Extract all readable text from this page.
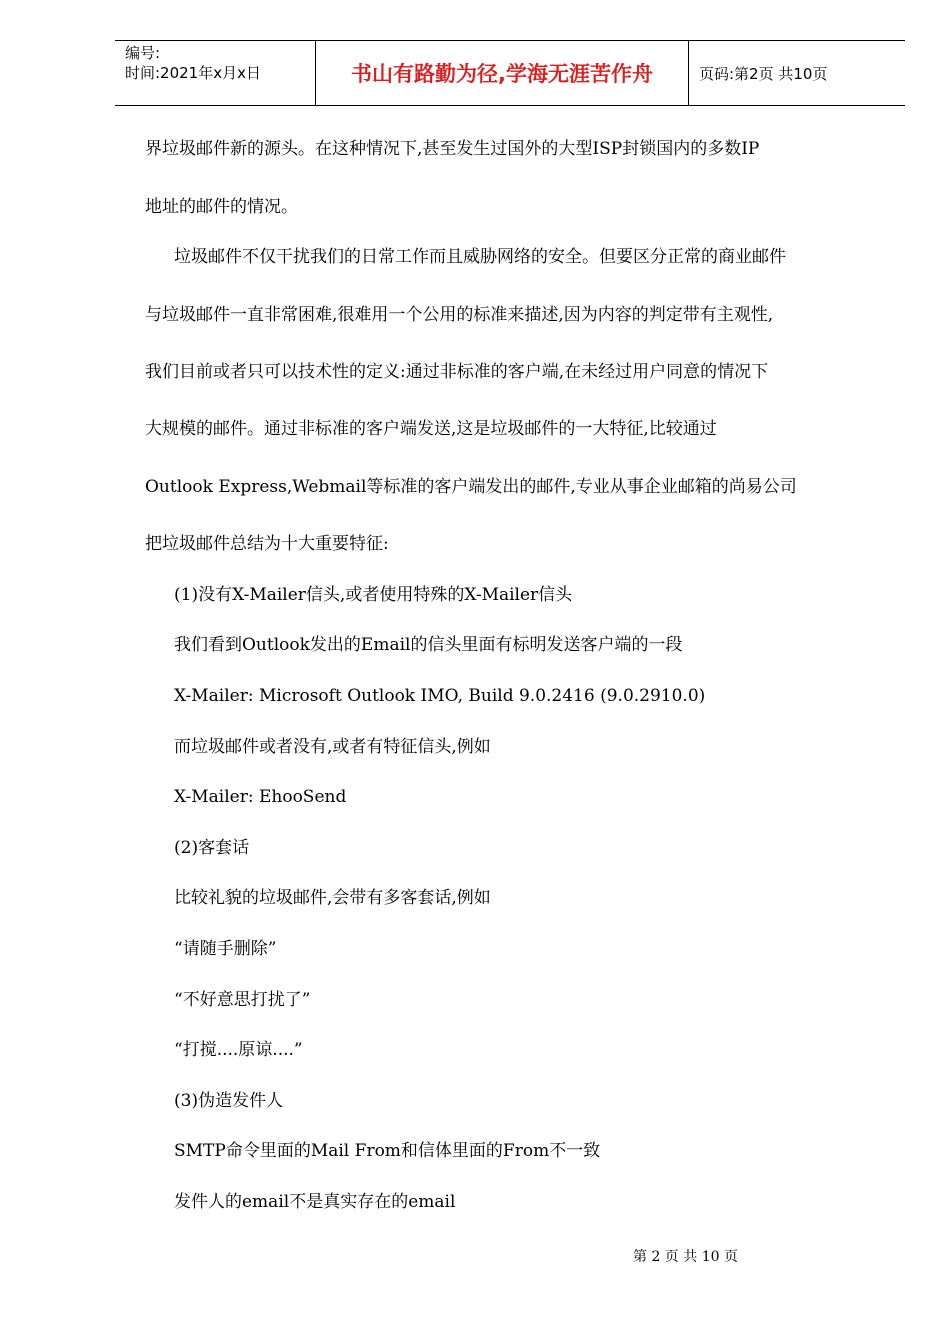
编号:
时间:2021年x月x日	书山有路勤为径,学海无涯苦作舟	页码:第2页 共10页
界垃圾邮件新的源头。在这种情况下,甚至发生过国外的大型ISP封锁国内的多数IP
地址的邮件的情况。
垃圾邮件不仅干扰我们的日常工作而且威胁网络的安全。但要区分正常的商业邮件
与垃圾邮件一直非常困难,很难用一个公用的标准来描述,因为内容的判定带有主观性,
我们目前或者只可以技术性的定义:通过非标准的客户端,在未经过用户同意的情况下
大规模的邮件。通过非标准的客户端发送,这是垃圾邮件的一大特征,比较通过
Outlook Express,Webmail等标准的客户端发出的邮件,专业从事企业邮箱的尚易公司
把垃圾邮件总结为十大重要特征:
(1)没有X-Mailer信头,或者使用特殊的X-Mailer信头
我们看到Outlook发出的Email的信头里面有标明发送客户端的一段
X-Mailer: Microsoft Outlook IMO, Build 9.0.2416 (9.0.2910.0)
而垃圾邮件或者没有,或者有特征信头,例如
X-Mailer: EhooSend
(2)客套话
比较礼貌的垃圾邮件,会带有多客套话,例如
“请随手删除”
“不好意思打扰了”
“打搅....原谅....”
(3)伪造发件人
SMTP命令里面的Mail From和信体里面的From不一致
发件人的email不是真实存在的email
第 2 页 共 10 页
